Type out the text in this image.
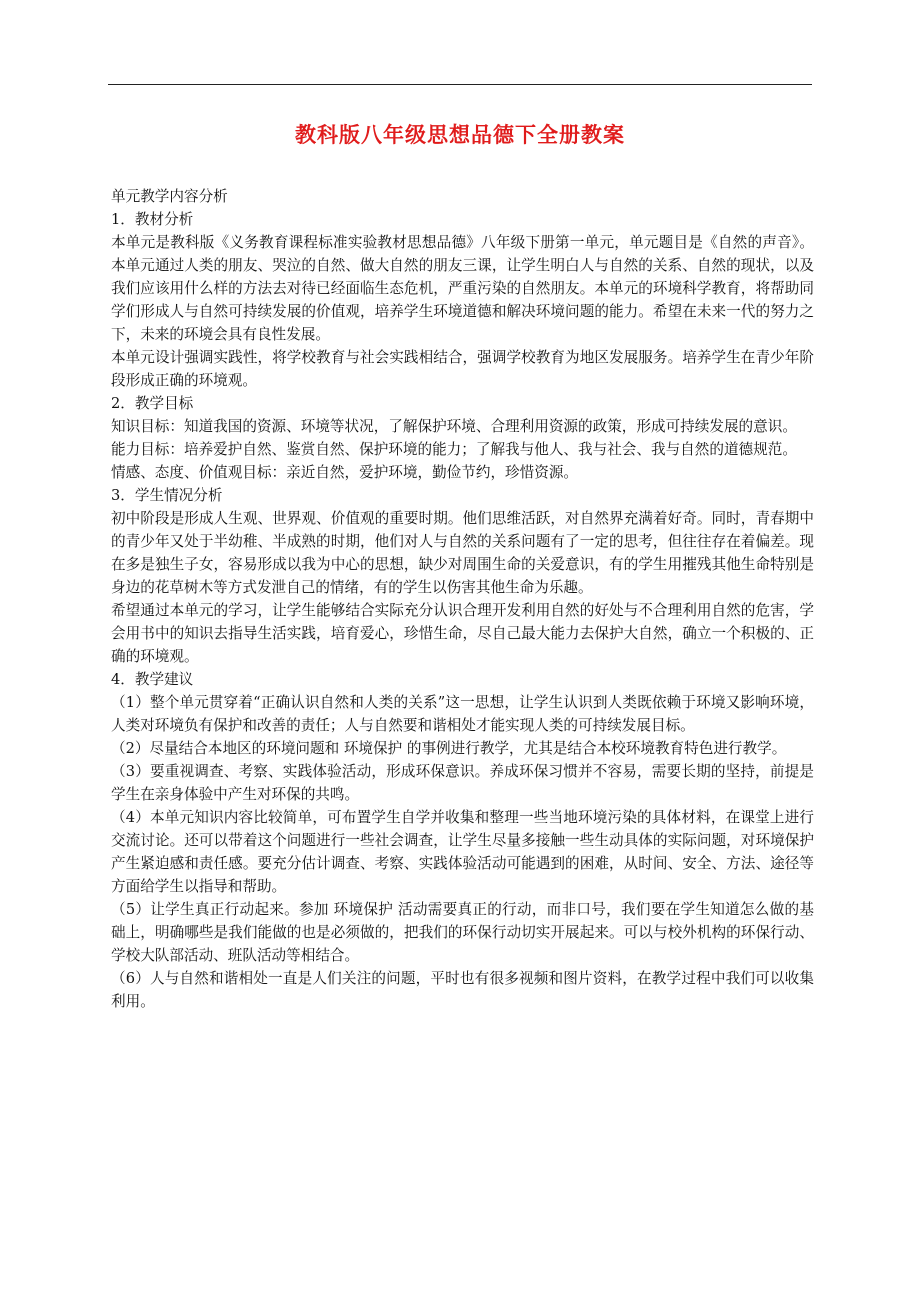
教科版八年级思想品德下全册教案

单元教学内容分析

1．教材分析

本单元是教科版《义务教育课程标准实验教材思想品德》八年级下册第一单元，单元题目是《自然的声音》。本单元通过人类的朋友、哭泣的自然、做大自然的朋友三课，让学生明白人与自然的关系、自然的现状，以及我们应该用什么样的方法去对待已经面临生态危机，严重污染的自然朋友。本单元的环境科学教育，将帮助同学们形成人与自然可持续发展的价值观，培养学生环境道德和解决环境问题的能力。希望在未来一代的努力之下，未来的环境会具有良性发展。

本单元设计强调实践性，将学校教育与社会实践相结合，强调学校教育为地区发展服务。培养学生在青少年阶段形成正确的环境观。

2．教学目标

知识目标：知道我国的资源、环境等状况，了解保护环境、合理利用资源的政策，形成可持续发展的意识。

能力目标：培养爱护自然、鉴赏自然、保护环境的能力；了解我与他人、我与社会、我与自然的道德规范。

情感、态度、价值观目标：亲近自然，爱护环境，勤俭节约，珍惜资源。

3．学生情况分析

初中阶段是形成人生观、世界观、价值观的重要时期。他们思维活跃，对自然界充满着好奇。同时，青春期中的青少年又处于半幼稚、半成熟的时期，他们对人与自然的关系问题有了一定的思考，但往往存在着偏差。现在多是独生子女，容易形成以我为中心的思想，缺少对周围生命的关爱意识，有的学生用摧残其他生命特别是身边的花草树木等方式发泄自己的情绪，有的学生以伤害其他生命为乐趣。

希望通过本单元的学习，让学生能够结合实际充分认识合理开发利用自然的好处与不合理利用自然的危害，学会用书中的知识去指导生活实践，培育爱心，珍惜生命，尽自己最大能力去保护大自然，确立一个积极的、正确的环境观。

4．教学建议

（1）整个单元贯穿着“正确认识自然和人类的关系”这一思想，让学生认识到人类既依赖于环境又影响环境，人类对环境负有保护和改善的责任；人与自然要和谐相处才能实现人类的可持续发展目标。

（2）尽量结合本地区的环境问题和 环境保护 的事例进行教学，尤其是结合本校环境教育特色进行教学。

（3）要重视调查、考察、实践体验活动，形成环保意识。养成环保习惯并不容易，需要长期的坚持，前提是学生在亲身体验中产生对环保的共鸣。

（4）本单元知识内容比较简单，可布置学生自学并收集和整理一些当地环境污染的具体材料，在课堂上进行交流讨论。还可以带着这个问题进行一些社会调查，让学生尽量多接触一些生动具体的实际问题，对环境保护产生紧迫感和责任感。要充分估计调查、考察、实践体验活动可能遇到的困难，从时间、安全、方法、途径等方面给学生以指导和帮助。

（5）让学生真正行动起来。参加 环境保护 活动需要真正的行动，而非口号，我们要在学生知道怎么做的基础上，明确哪些是我们能做的也是必须做的，把我们的环保行动切实开展起来。可以与校外机构的环保行动、学校大队部活动、班队活动等相结合。

（6）人与自然和谐相处一直是人们关注的问题，平时也有很多视频和图片资料，在教学过程中我们可以收集利用。
